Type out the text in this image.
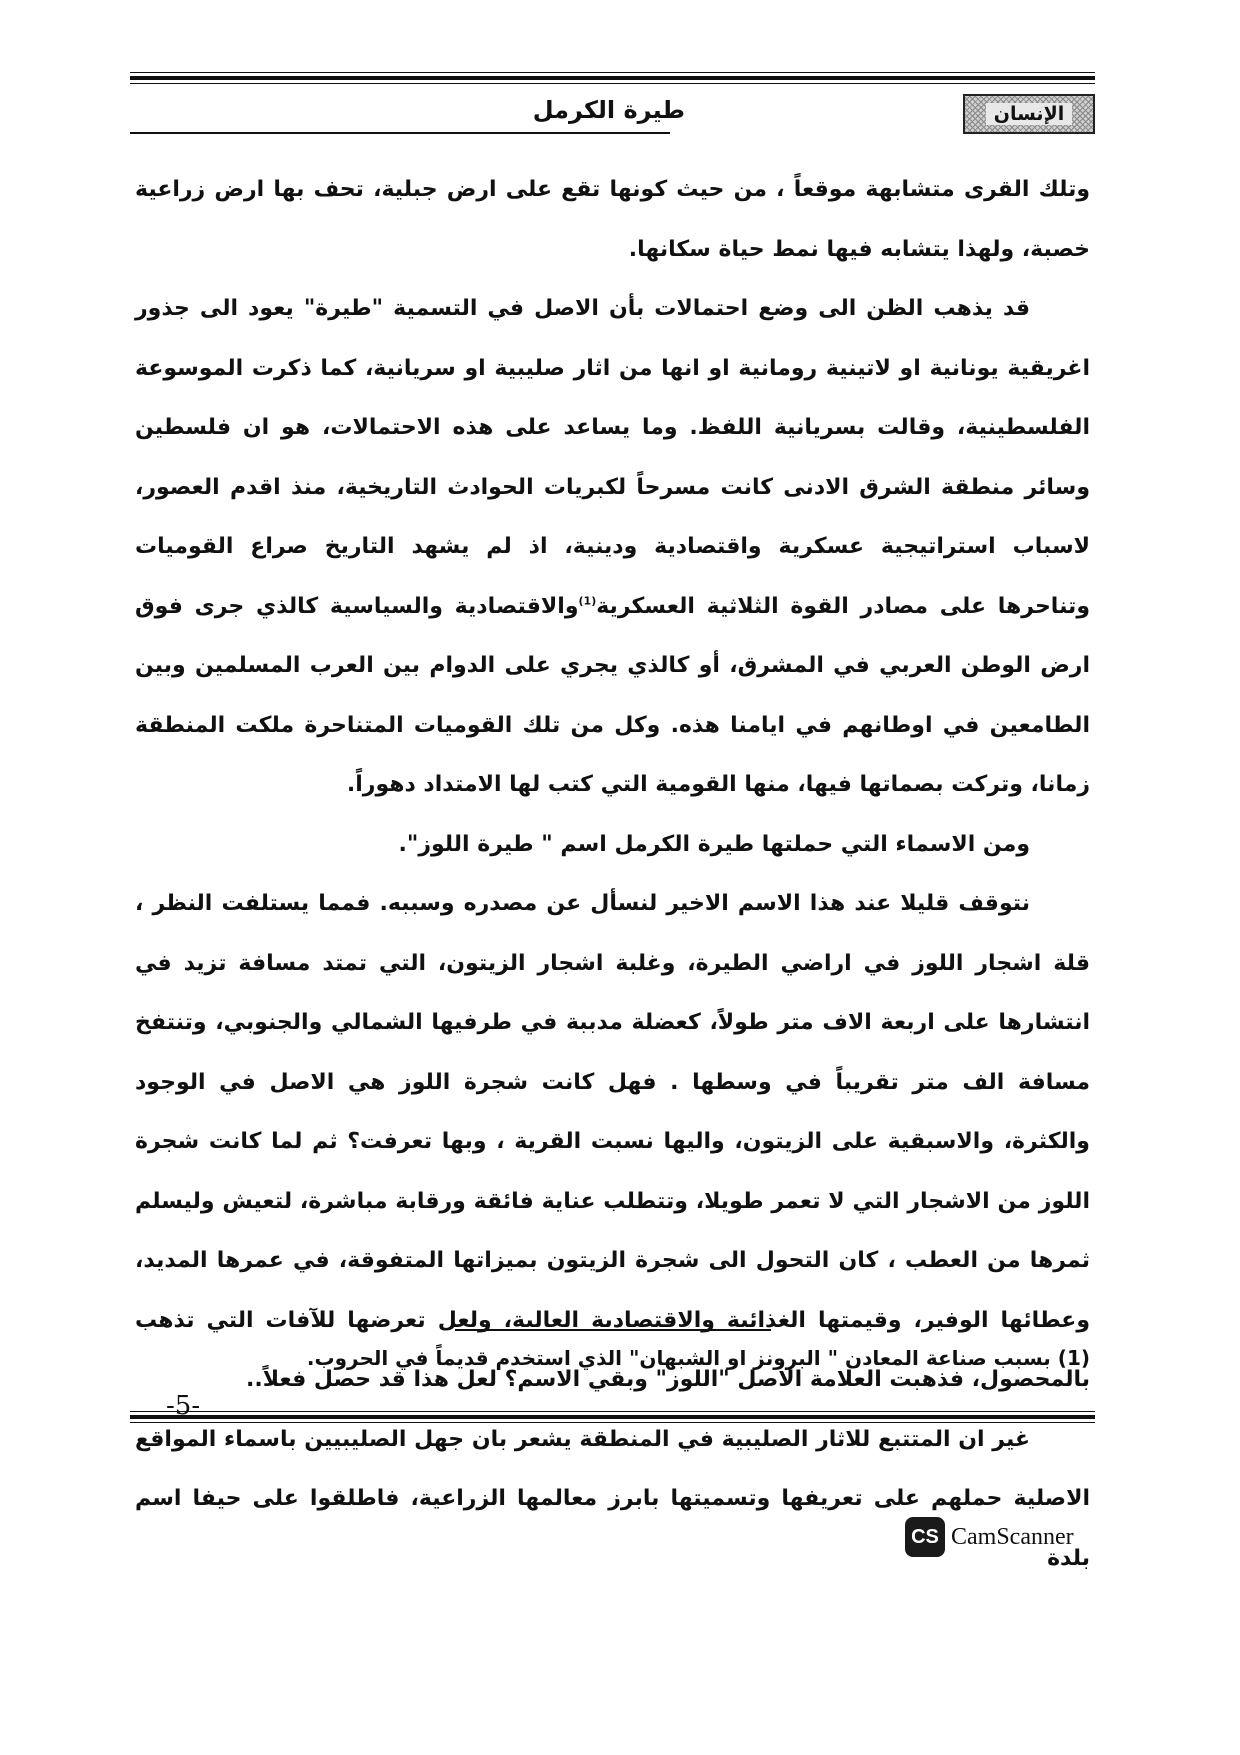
طيرة الكرمل	الإنسان

وتلك القرى متشابهة موقعاً ، من حيث كونها تقع على ارض جبلية، تحف بها ارض زراعية خصبة، ولهذا يتشابه فيها نمط حياة سكانها.

قد يذهب الظن الى وضع احتمالات بأن الاصل في التسمية "طيرة" يعود الى جذور اغريقية يونانية او لاتينية رومانية او انها من اثار صليبية او سريانية، كما ذكرت الموسوعة الفلسطينية، وقالت بسريانية اللفظ. وما يساعد على هذه الاحتمالات، هو ان فلسطين وسائر منطقة الشرق الادنى كانت مسرحاً لكبريات الحوادث التاريخية، منذ اقدم العصور، لاسباب استراتيجية عسكرية واقتصادية ودينية، اذ لم يشهد التاريخ صراع القوميات وتناحرها على مصادر القوة الثلاثية العسكرية$^{(1)}$والاقتصادية والسياسية كالذي جرى فوق ارض الوطن العربي في المشرق، أو كالذي يجري على الدوام بين العرب المسلمين وبين الطامعين في اوطانهم في ايامنا هذه. وكل من تلك القوميات المتناحرة ملكت المنطقة زمانا، وتركت بصماتها فيها، منها القومية التي كتب لها الامتداد دهوراً.

ومن الاسماء التي حملتها طيرة الكرمل اسم " طيرة اللوز".

نتوقف قليلا عند هذا الاسم الاخير لنسأل عن مصدره وسببه. فمما يستلفت النظر ، قلة اشجار اللوز في اراضي الطيرة، وغلبة اشجار الزيتون، التي تمتد مسافة تزيد في انتشارها على اربعة الاف متر طولاً، كعضلة مدببة في طرفيها الشمالي والجنوبي، وتنتفخ مسافة الف متر تقريباً في وسطها . فهل كانت شجرة اللوز هي الاصل في الوجود والكثرة، والاسبقية على الزيتون، واليها نسبت القرية ، وبها تعرفت؟ ثم لما كانت شجرة اللوز من الاشجار التي لا تعمر طويلا، وتتطلب عناية فائقة ورقابة مباشرة، لتعيش وليسلم ثمرها من العطب ، كان التحول الى شجرة الزيتون بميزاتها المتفوقة، في عمرها المديد، وعطائها الوفير، وقيمتها الغذائية والاقتصادية العالية، ولعل تعرضها للآفات التي تذهب بالمحصول، فذهبت العلامة الاصل "اللوز" وبقي الاسم؟ لعل هذا قد حصل فعلاً..

غير ان المتتبع للاثار الصليبية في المنطقة يشعر بان جهل الصليبيين باسماء المواقع الاصلية حملهم على تعريفها وتسميتها بابرز معالمها الزراعية، فاطلقوا على حيفا اسم بلدة

(1) بسبب صناعة المعادن " البرونز او الشبهان" الذي استخدم قديماً في الحروب.
-5-
CS CamScanner
